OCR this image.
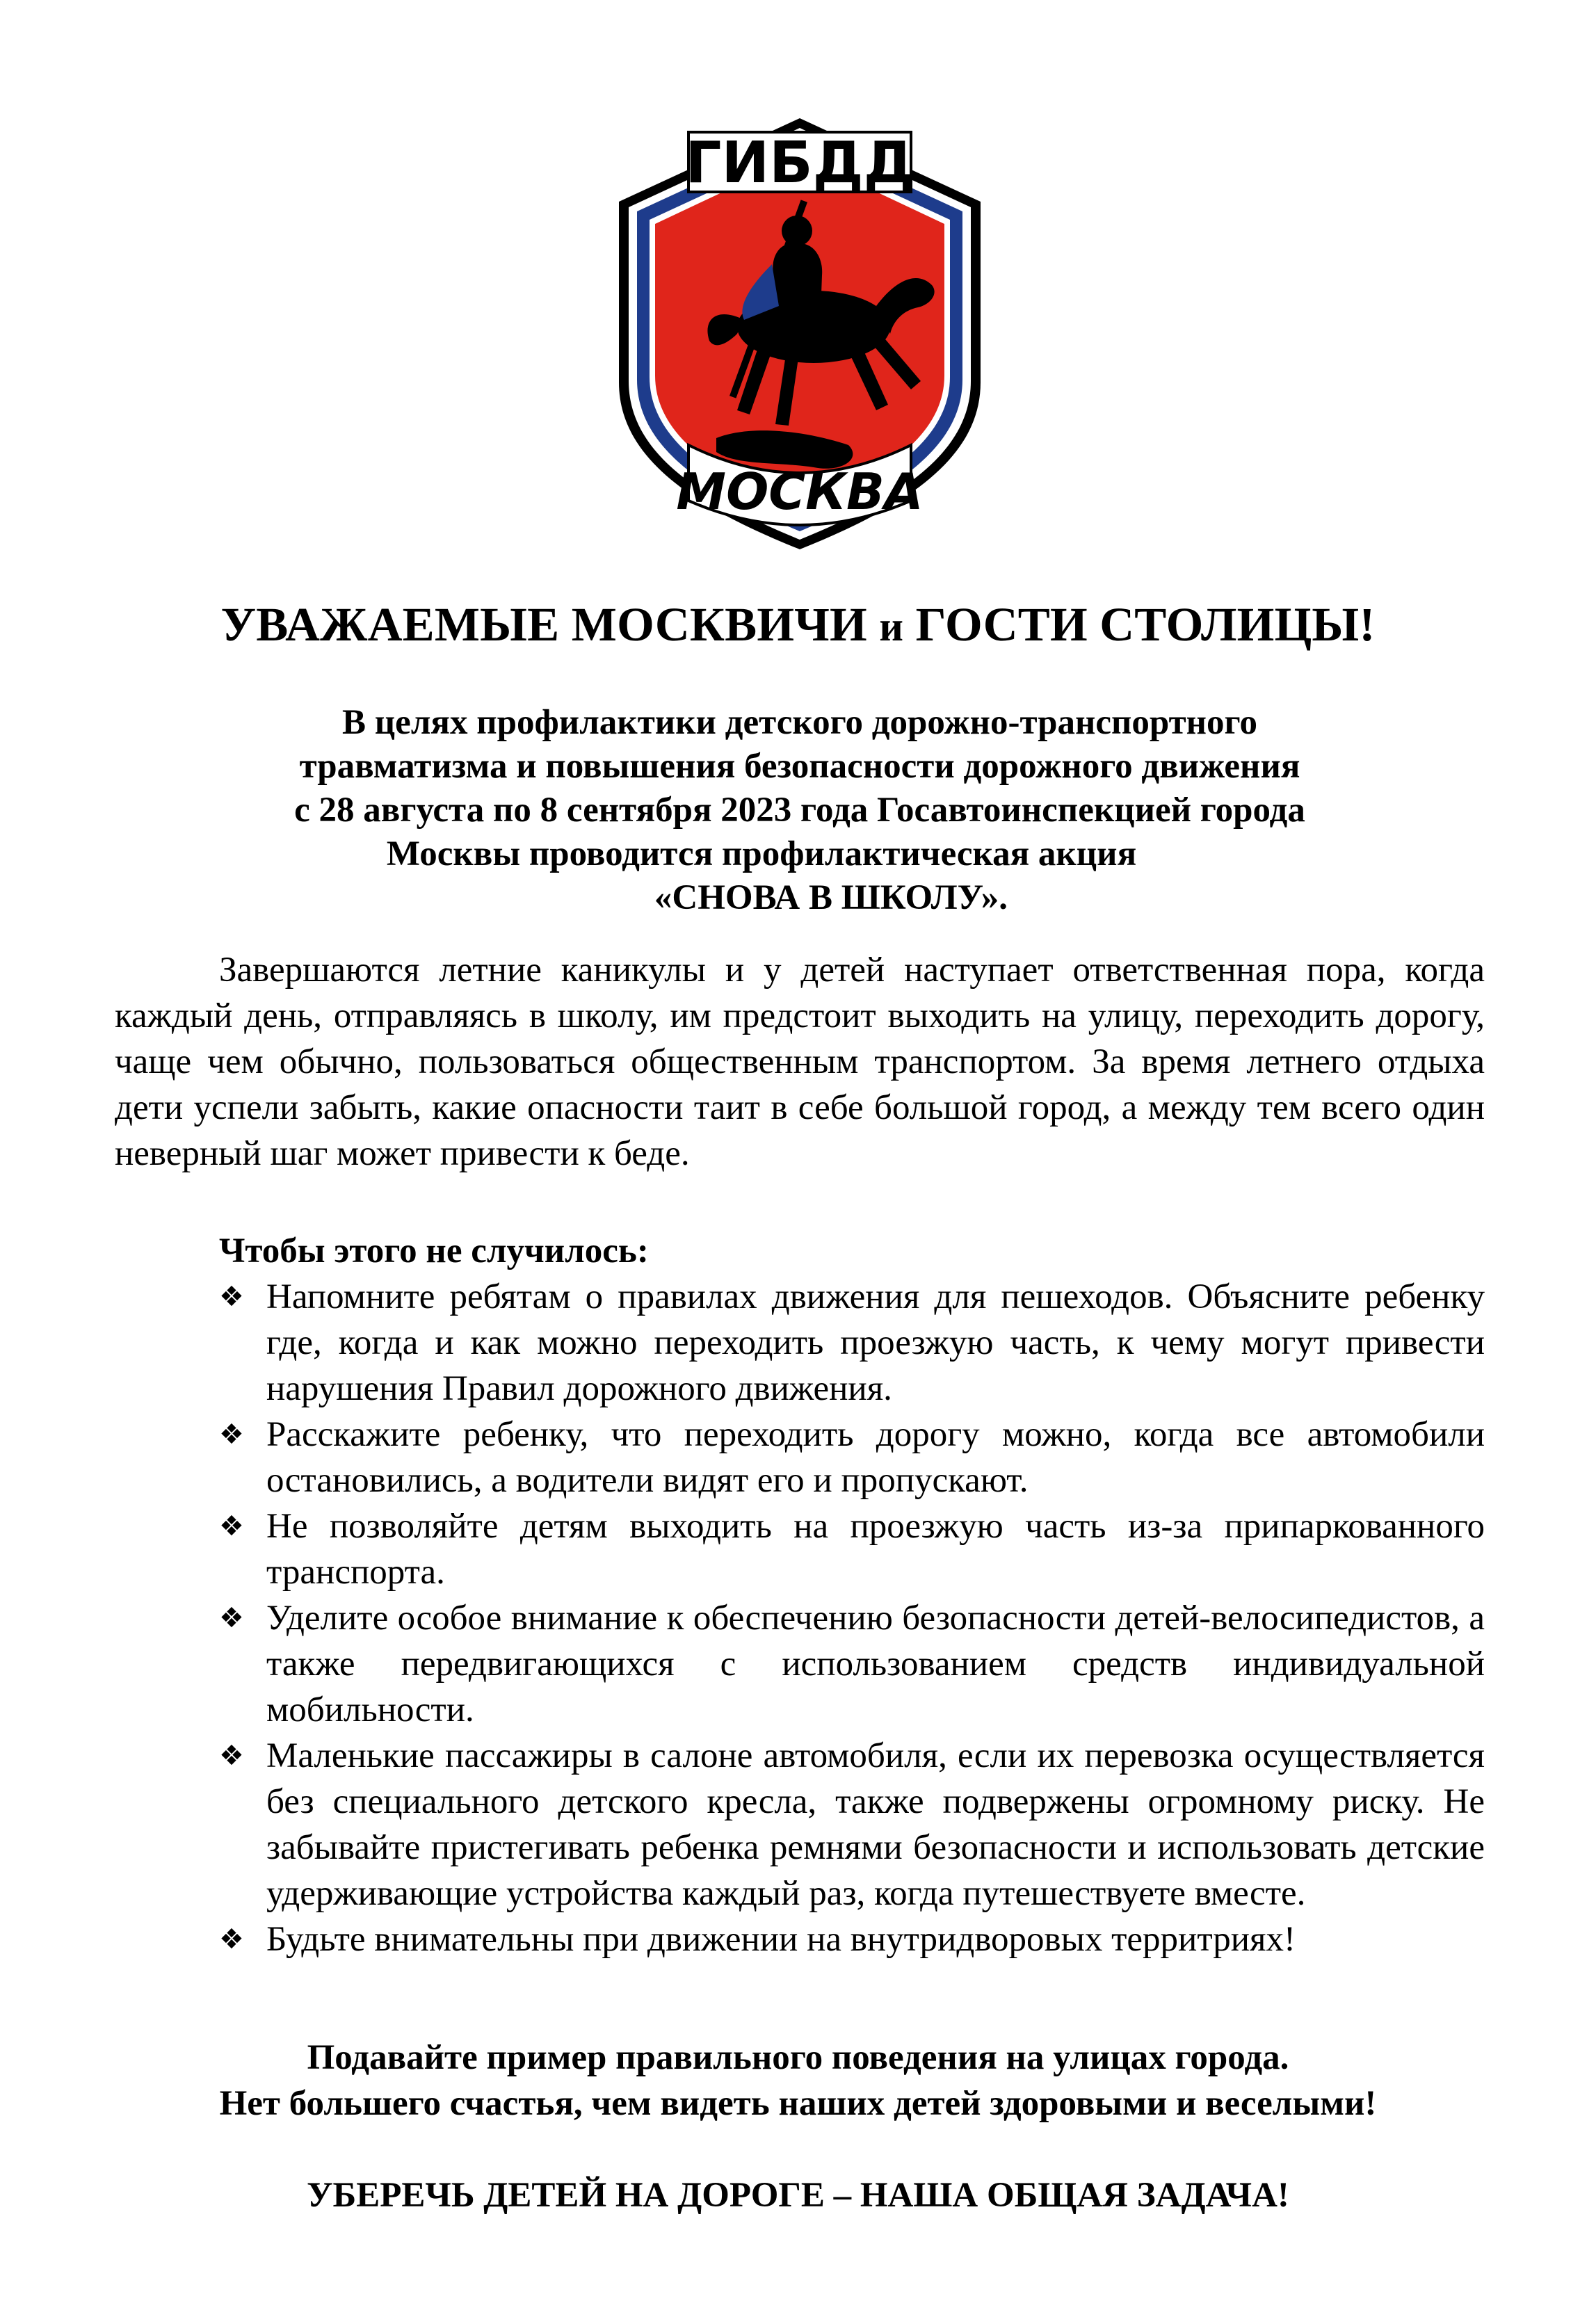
ГИБДД
МОСКВА
УВАЖАЕМЫЕ МОСКВИЧИ и ГОСТИ СТОЛИЦЫ!
В целях профилактики детского дорожно-транспортного
травматизма и повышения безопасности дорожного движения
с 28 августа по 8 сентября 2023 года Госавтоинспекцией города
Москвы проводится профилактическая акция
«СНОВА В ШКОЛУ».

Завершаются летние каникулы и у детей наступает ответственная пора, когда каждый день, отправляясь в школу, им предстоит выходить на улицу, переходить дорогу, чаще чем обычно, пользоваться общественным транспортом. За время летнего отдыха дети успели забыть, какие опасности таит в себе большой город, а между тем всего один неверный шаг может привести к беде.

Чтобы этого не случилось:

❖ Напомните ребятам о правилах движения для пешеходов. Объясните ребенку где, когда и как можно переходить проезжую часть, к чему могут привести нарушения Правил дорожного движения.
❖ Расскажите ребенку, что переходить дорогу можно, когда все автомобили остановились, а водители видят его и пропускают.
❖ Не позволяйте детям выходить на проезжую часть из-за припаркованного транспорта.
❖ Уделите особое внимание к обеспечению безопасности детей-велосипедистов, а также передвигающихся с использованием средств индивидуальной мобильности.
❖ Маленькие пассажиры в салоне автомобиля, если их перевозка осуществляется без специального детского кресла, также подвержены огромному риску. Не забывайте пристегивать ребенка ремнями безопасности и использовать детские удерживающие устройства каждый раз, когда путешествуете вместе.
❖ Будьте внимательны при движении на внутридворовых территриях!
Подавайте пример правильного поведения на улицах города.
Нет большего счастья, чем видеть наших детей здоровыми и веселыми!
УБЕРЕЧЬ ДЕТЕЙ НА ДОРОГЕ – НАША ОБЩАЯ ЗАДАЧА!
